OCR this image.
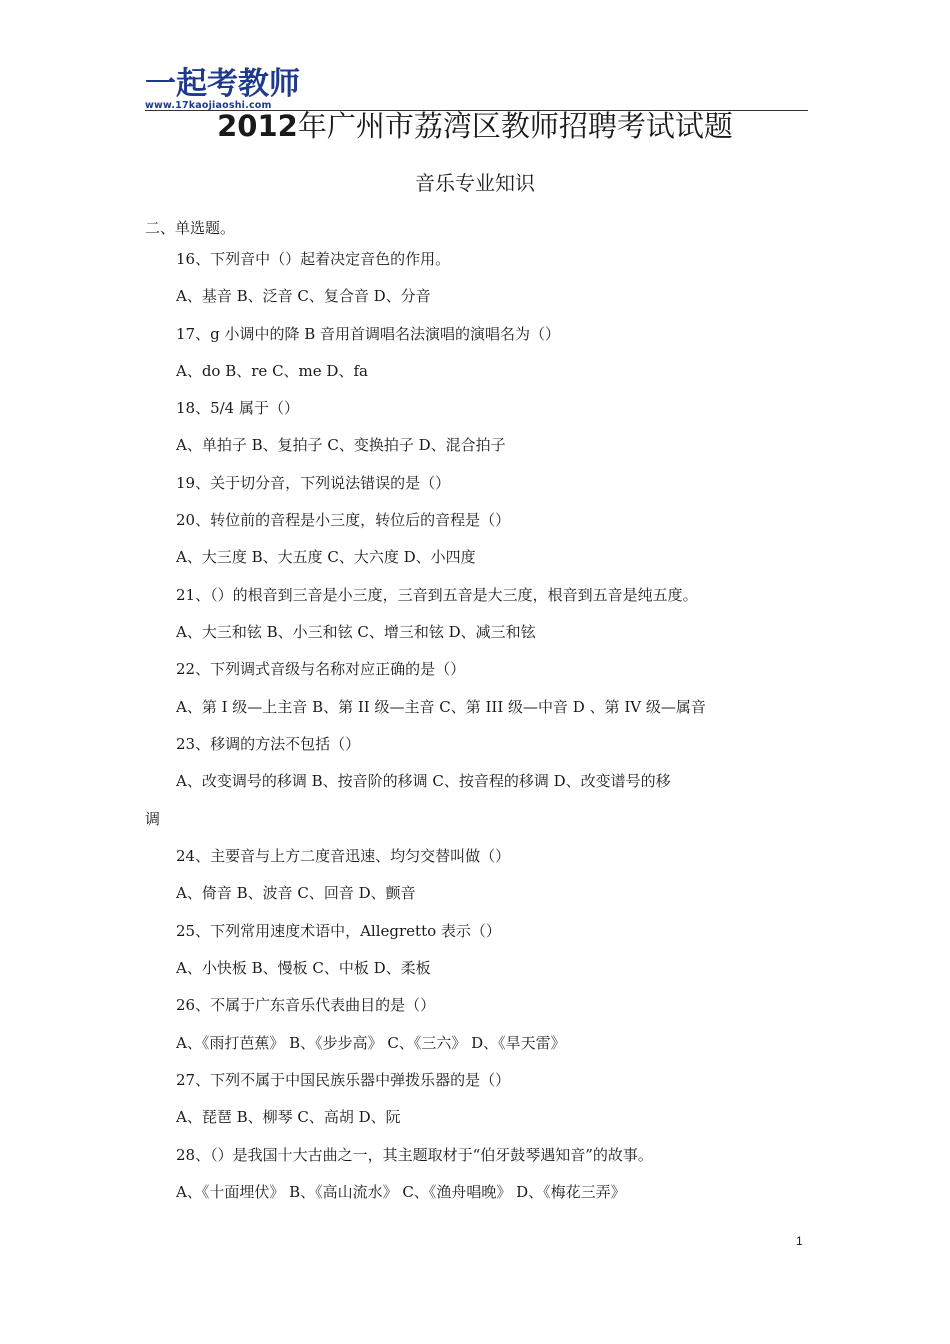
一起考教师
www.17kaojiaoshi.com
2012年广州市荔湾区教师招聘考试试题
音乐专业知识
二、单选题。
16、下列音中（）起着决定音色的作用。
A、基音 B、泛音 C、复合音 D、分音
17、g 小调中的降 B 音用首调唱名法演唱的演唱名为（）
A、do B、re C、me D、fa
18、5/4 属于（）
A、单拍子 B、复拍子 C、变换拍子 D、混合拍子
19、关于切分音，下列说法错误的是（）
20、转位前的音程是小三度，转位后的音程是（）
A、大三度 B、大五度 C、大六度 D、小四度
21、（）的根音到三音是小三度，三音到五音是大三度，根音到五音是纯五度。
A、大三和铉 B、小三和铉 C、增三和铉 D、减三和铉
22、下列调式音级与名称对应正确的是（）
A、第 I 级—上主音 B、第 II 级—主音 C、第 III 级—中音 D 、第 IV 级—属音
23、移调的方法不包括（）
A、改变调号的移调 B、按音阶的移调 C、按音程的移调 D、改变谱号的移
调
24、主要音与上方二度音迅速、均匀交替叫做（）
A、倚音 B、波音 C、回音 D、颤音
25、下列常用速度术语中，Allegretto 表示（）
A、小快板 B、慢板 C、中板 D、柔板
26、不属于广东音乐代表曲目的是（）
A、《雨打芭蕉》 B、《步步高》 C、《三六》 D、《旱天雷》
27、下列不属于中国民族乐器中弹拨乐器的是（）
A、琵琶 B、柳琴 C、高胡 D、阮
28、（）是我国十大古曲之一，其主题取材于“伯牙鼓琴遇知音”的故事。
A、《十面埋伏》 B、《高山流水》 C、《渔舟唱晚》 D、《梅花三弄》
1
